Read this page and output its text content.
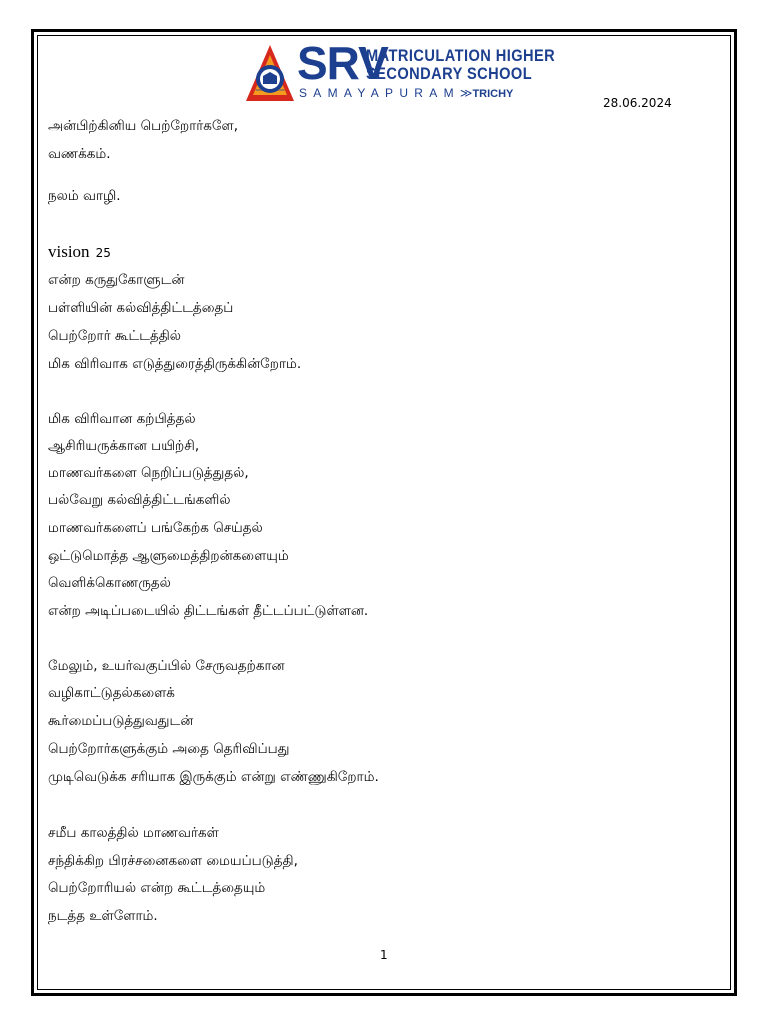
SMART EDUCATION
SRV
MATRICULATION HIGHER
SECONDARY SCHOOL
SAMAYAPURAM≫TRICHY
28.06.2024
அன்பிற்கினிய பெற்றோர்களே,
வணக்கம்.
நலம் வாழி.
vision 25
என்ற கருதுகோளுடன்
பள்ளியின் கல்வித்திட்டத்தைப்
பெற்றோர் கூட்டத்தில்
மிக விரிவாக எடுத்துரைத்திருக்கின்றோம்.
மிக விரிவான கற்பித்தல்
ஆசிரியருக்கான பயிற்சி,
மாணவர்களை நெறிப்படுத்துதல்,
பல்வேறு கல்வித்திட்டங்களில்
மாணவர்களைப் பங்கேற்க செய்தல்
ஒட்டுமொத்த ஆளுமைத்திறன்களையும்
வெளிக்கொணருதல்
என்ற அடிப்படையில் திட்டங்கள் தீட்டப்பட்டுள்ளன.
மேலும், உயர்வகுப்பில் சேருவதற்கான
வழிகாட்டுதல்களைக்
கூர்மைப்படுத்துவதுடன்
பெற்றோர்களுக்கும் அதை தெரிவிப்பது
முடிவெடுக்க சரியாக இருக்கும் என்று எண்ணுகிறோம்.
சமீப காலத்தில் மாணவர்கள்
சந்திக்கிற பிரச்சனைகளை மையப்படுத்தி,
பெற்றோரியல் என்ற கூட்டத்தையும்
நடத்த உள்ளோம்.
1
